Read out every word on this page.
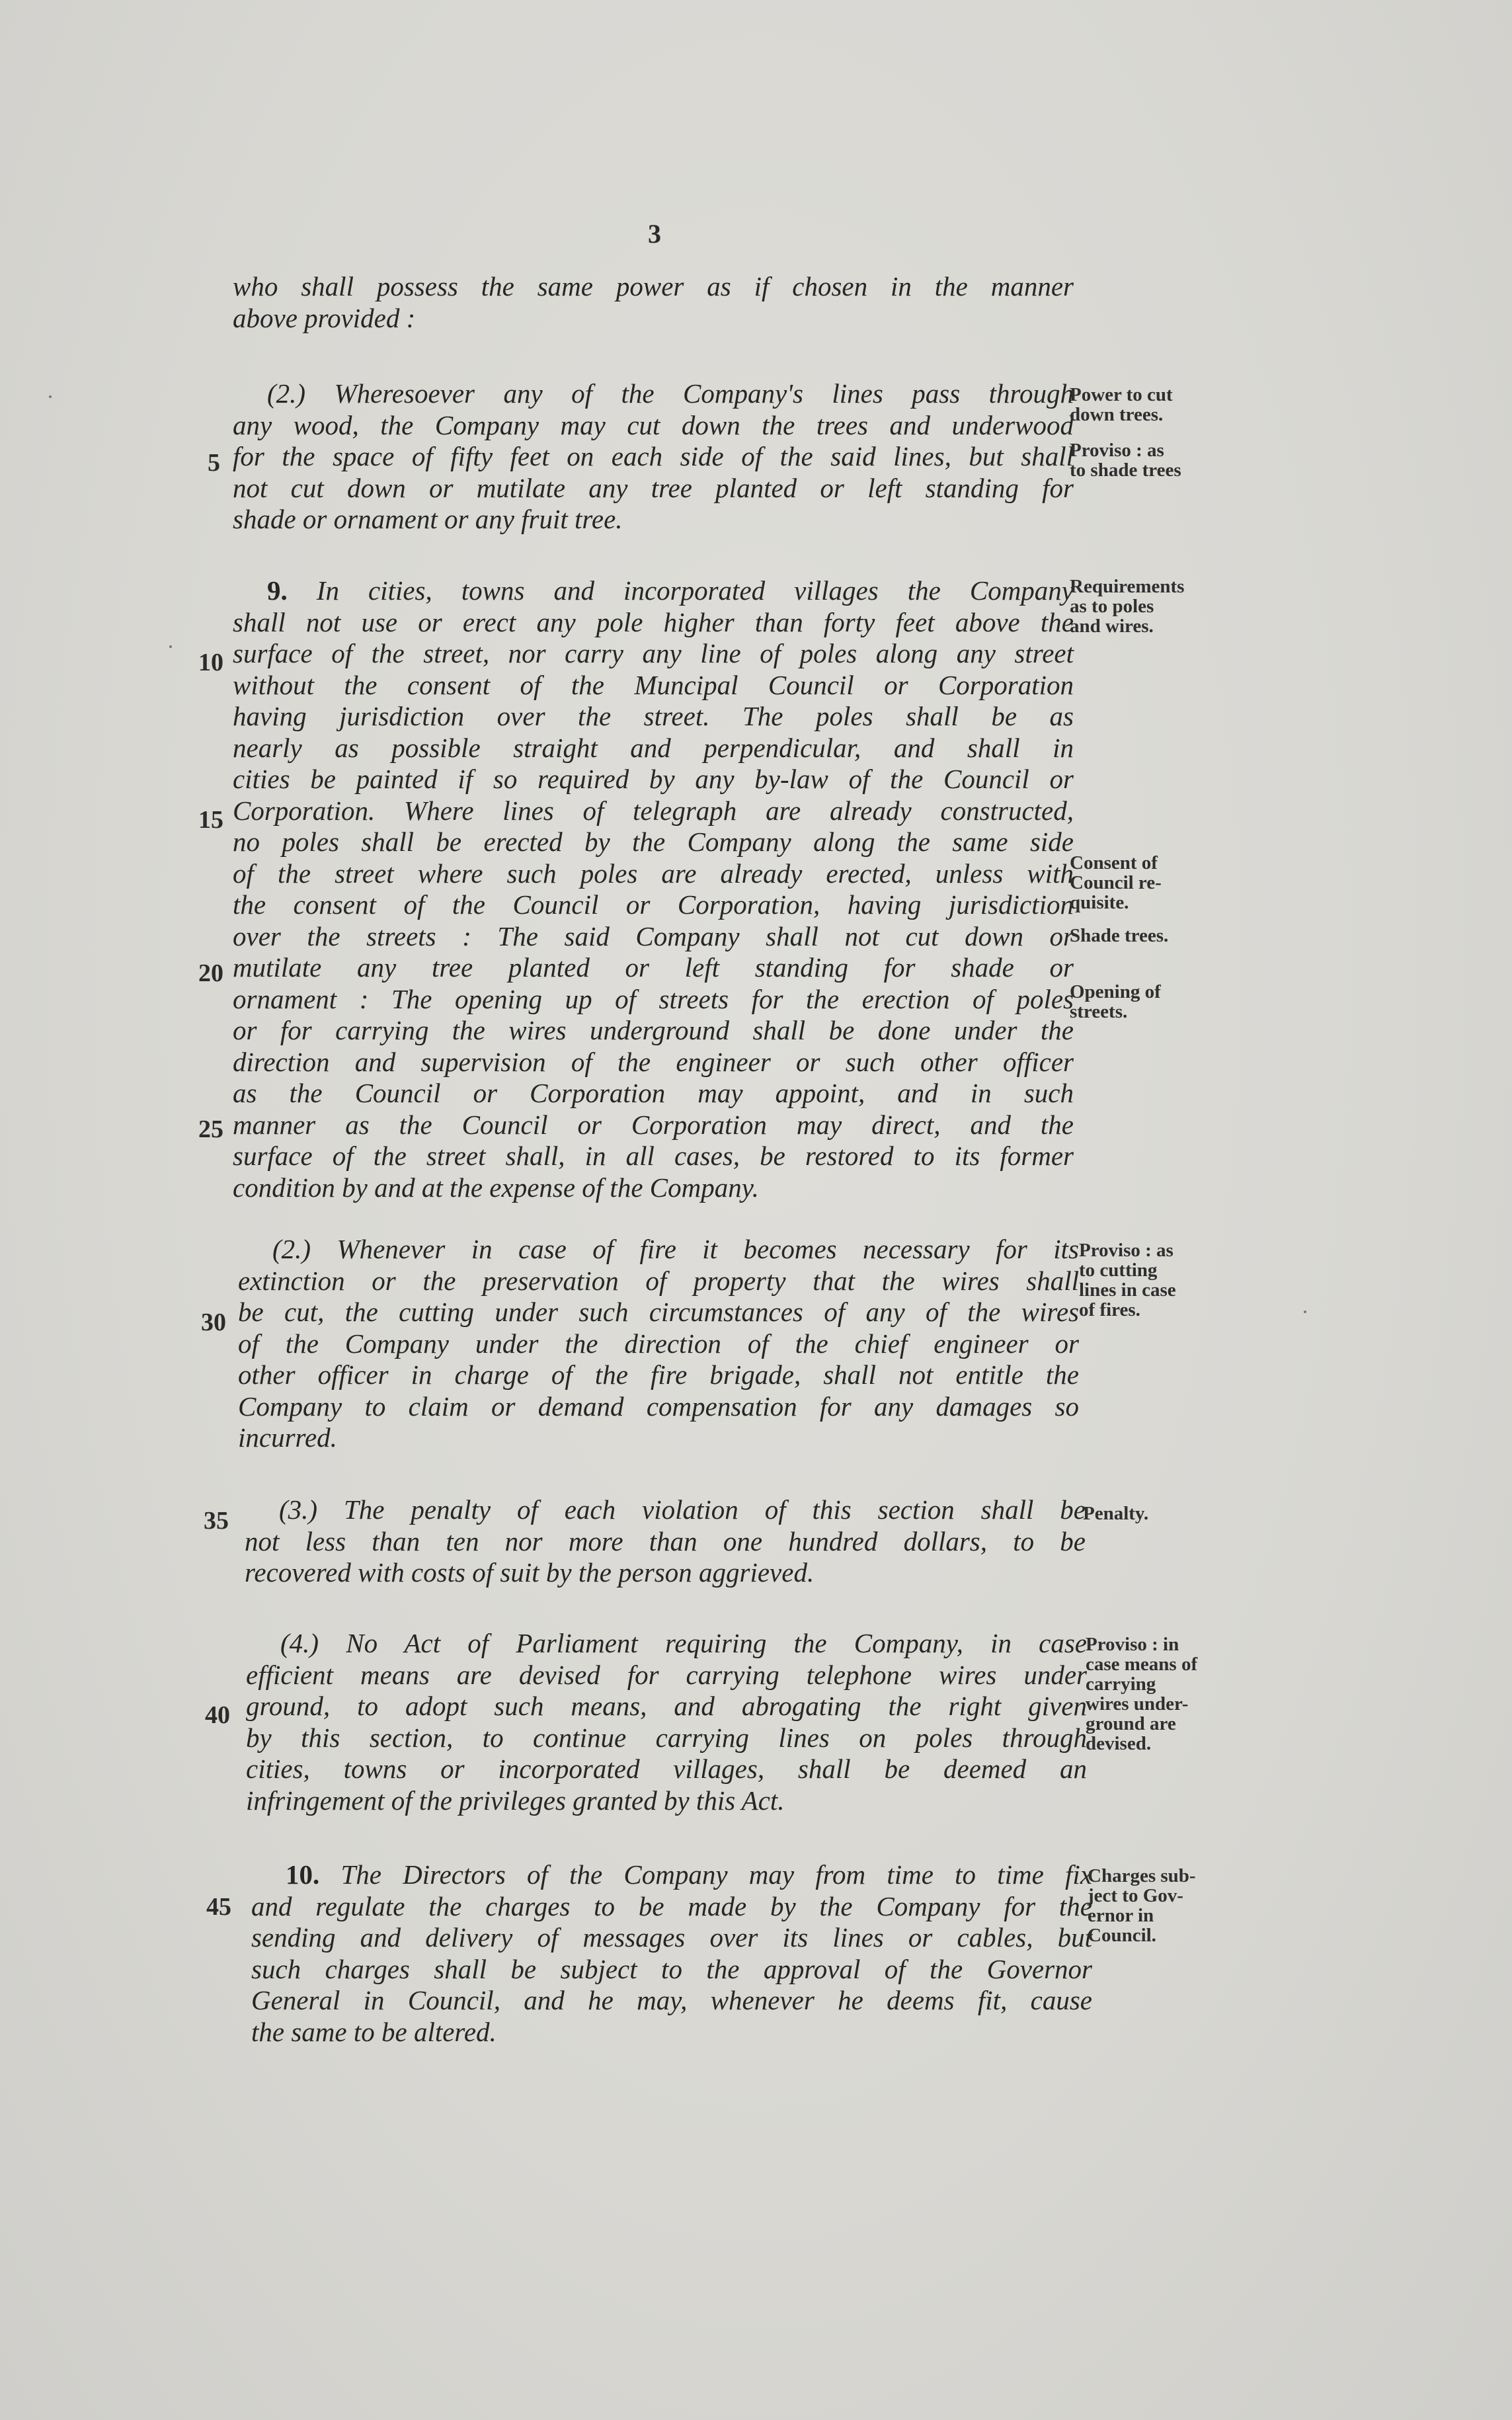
3
who shall possess the same power as if chosen in the manner
above provided :
(2.) Wheresoever any of the Company's lines pass through
any wood, the Company may cut down the trees and underwood
for the space of fifty feet on each side of the said lines, but shall
not cut down or mutilate any tree planted or left standing for
shade or ornament or any fruit tree.
9. In cities, towns and incorporated villages the Company
shall not use or erect any pole higher than forty feet above the
surface of the street, nor carry any line of poles along any street
without the consent of the Muncipal Council or Corporation
having jurisdiction over the street. The poles shall be as
nearly as possible straight and perpendicular, and shall in
cities be painted if so required by any by-law of the Council or
Corporation. Where lines of telegraph are already constructed,
no poles shall be erected by the Company along the same side
of the street where such poles are already erected, unless with
the consent of the Council or Corporation, having jurisdiction
over the streets : The said Company shall not cut down or
mutilate any tree planted or left standing for shade or
ornament : The opening up of streets for the erection of poles
or for carrying the wires underground shall be done under the
direction and supervision of the engineer or such other officer
as the Council or Corporation may appoint, and in such
manner as the Council or Corporation may direct, and the
surface of the street shall, in all cases, be restored to its former
condition by and at the expense of the Company.
(2.) Whenever in case of fire it becomes necessary for its
extinction or the preservation of property that the wires shall
be cut, the cutting under such circumstances of any of the wires
of the Company under the direction of the chief engineer or
other officer in charge of the fire brigade, shall not entitle the
Company to claim or demand compensation for any damages so
incurred.
(3.) The penalty of each violation of this section shall be
not less than ten nor more than one hundred dollars, to be
recovered with costs of suit by the person aggrieved.
(4.) No Act of Parliament requiring the Company, in case
efficient means are devised for carrying telephone wires under
ground, to adopt such means, and abrogating the right given
by this section, to continue carrying lines on poles through
cities, towns or incorporated villages, shall be deemed an
infringement of the privileges granted by this Act.
10. The Directors of the Company may from time to time fix
and regulate the charges to be made by the Company for the
sending and delivery of messages over its lines or cables, but
such charges shall be subject to the approval of the Governor
General in Council, and he may, whenever he deems fit, cause
the same to be altered.
Power to cut
down trees.
Proviso : as
to shade trees
Requirements
as to poles
and wires.
Consent of
Council re-
quisite.
Shade trees.
Opening of
streets.
Proviso : as
to cutting
lines in case
of fires.
Penalty.
Proviso : in
case means of
carrying
wires under-
ground are
devised.
Charges sub-
ject to Gov-
ernor in
Council.
5
10
15
20
25
30
35
40
45
